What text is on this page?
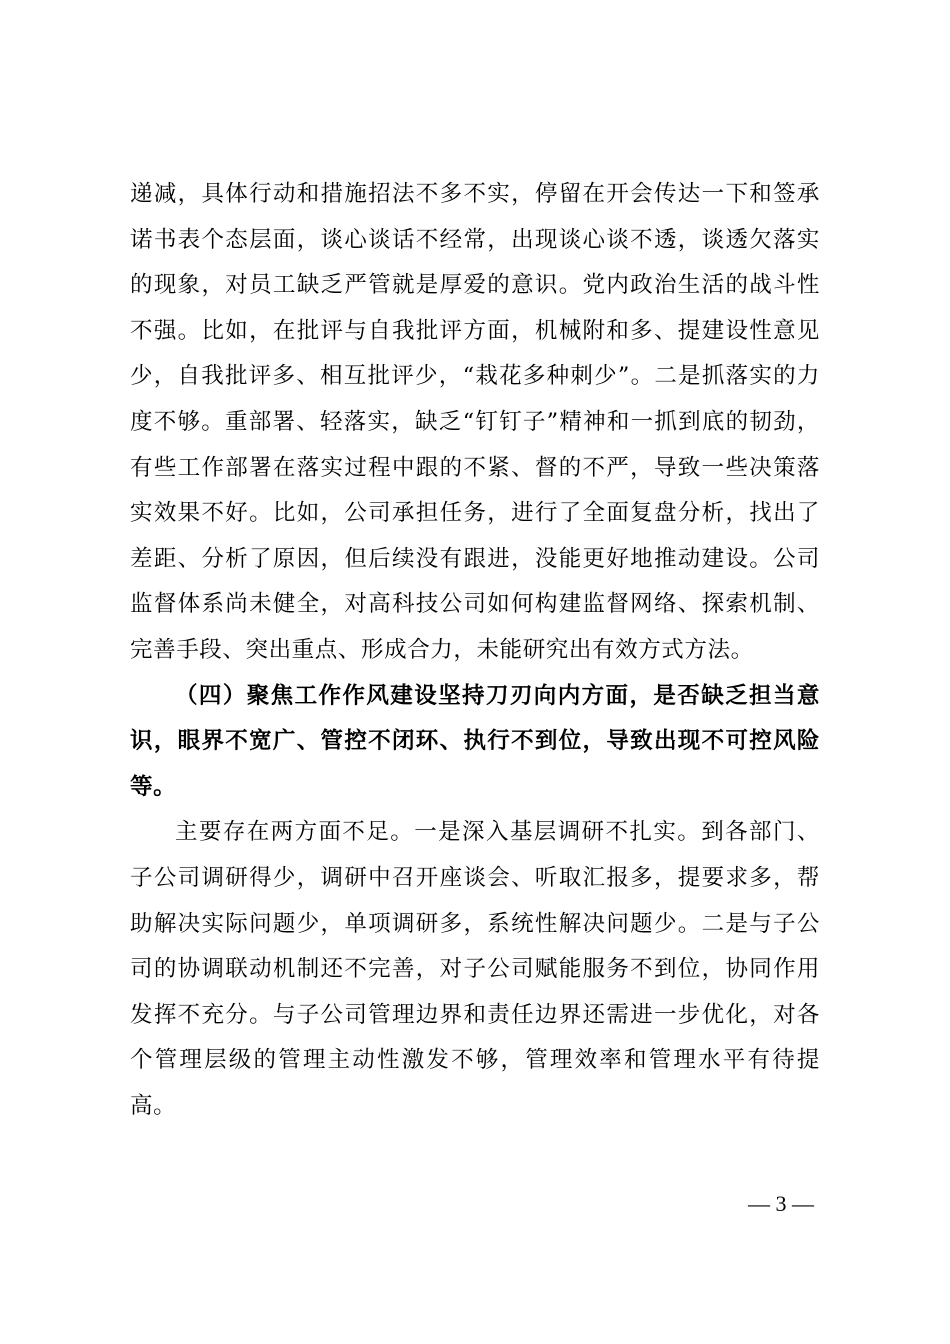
递减，具体行动和措施招法不多不实，停留在开会传达一下和签承诺书表个态层面，谈心谈话不经常，出现谈心谈不透，谈透欠落实的现象，对员工缺乏严管就是厚爱的意识。党内政治生活的战斗性不强。比如，在批评与自我批评方面，机械附和多、提建设性意见少，自我批评多、相互批评少，“栽花多种刺少”。二是抓落实的力度不够。重部署、轻落实，缺乏“钉钉子”精神和一抓到底的韧劲，有些工作部署在落实过程中跟的不紧、督的不严，导致一些决策落实效果不好。比如，公司承担任务，进行了全面复盘分析，找出了差距、分析了原因，但后续没有跟进，没能更好地推动建设。公司监督体系尚未健全，对高科技公司如何构建监督网络、探索机制、完善手段、突出重点、形成合力，未能研究出有效方式方法。

（四）聚焦工作作风建设坚持刀刃向内方面，是否缺乏担当意识，眼界不宽广、管控不闭环、执行不到位，导致出现不可控风险等。

主要存在两方面不足。一是深入基层调研不扎实。到各部门、子公司调研得少，调研中召开座谈会、听取汇报多，提要求多，帮助解决实际问题少，单项调研多，系统性解决问题少。二是与子公司的协调联动机制还不完善，对子公司赋能服务不到位，协同作用发挥不充分。与子公司管理边界和责任边界还需进一步优化，对各个管理层级的管理主动性激发不够，管理效率和管理水平有待提高。

— 3 —
